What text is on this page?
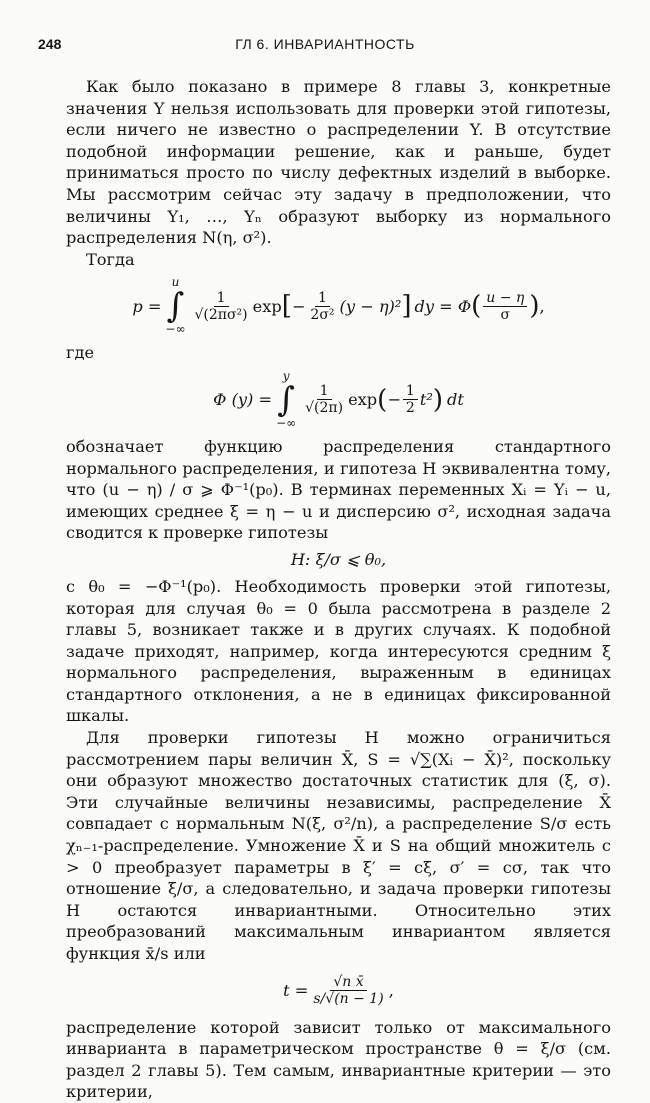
248	ГЛ 6. ИНВАРИАНТНОСТЬ

Как было показано в примере 8 главы 3, конкретные значения Y нельзя использовать для проверки этой гипотезы, если ничего не известно о распределении Y. В отсутствие подобной информации решение, как и раньше, будет приниматься просто по числу дефектных изделий в выборке. Мы рассмотрим сейчас эту задачу в предположении, что величины Y₁, …, Yₙ образуют выборку из нормального распределения N(η, σ²).

Тогда

p =
u
∫
−∞
$\frac{1}{\text{√(2πσ²)}}$ exp [ − $\frac{1}{\text{2σ²}} (y - \eta)^2$ ] dy = Φ ( $\frac{u - \eta}{\sigma}$ ) ,

где

Φ (y) =
y
∫
−∞
$\frac{1}{√(2\pi)}$ exp ( − $\frac{1}{2} t^2$ ) dt

обозначает функцию распределения стандартного нормального распределения, и гипотеза H эквивалентна тому, что (u − η) / σ ⩾ Φ⁻¹(p₀). В терминах переменных Xᵢ = Yᵢ − u, имеющих среднее ξ = η − u и дисперсию σ², исходная задача сводится к проверке гипотезы

H: ξ/σ ⩽ θ₀,

с θ₀ = −Φ⁻¹(p₀). Необходимость проверки этой гипотезы, которая для случая θ₀ = 0 была рассмотрена в разделе 2 главы 5, возникает также и в других случаях. К подобной задаче приходят, например, когда интересуются средним ξ нормального распределения, выраженным в единицах стандартного отклонения, а не в единицах фиксированной шкалы.

Для проверки гипотезы H можно ограничиться рассмотрением пары величин X̄, S = √∑(Xᵢ − X̄)², поскольку они образуют множество достаточных статистик для (ξ, σ). Эти случайные величины независимы, распределение X̄ совпадает с нормальным N(ξ, σ²/n), а распределение S/σ есть χₙ₋₁-распределение. Умножение X̄ и S на общий множитель c > 0 преобразует параметры в ξ′ = cξ, σ′ = cσ, так что отношение ξ/σ, а следовательно, и задача проверки гипотезы H остаются инвариантными. Относительно этих преобразований максимальным инвариантом является функция x̄/s или

$t = \frac{\text{√n x̄}}{s/√(n - 1)}$ ,

распределение которой зависит только от максимального инварианта в параметрическом пространстве θ = ξ/σ (см. раздел 2 главы 5). Тем самым, инвариантные критерии — это критерии,
